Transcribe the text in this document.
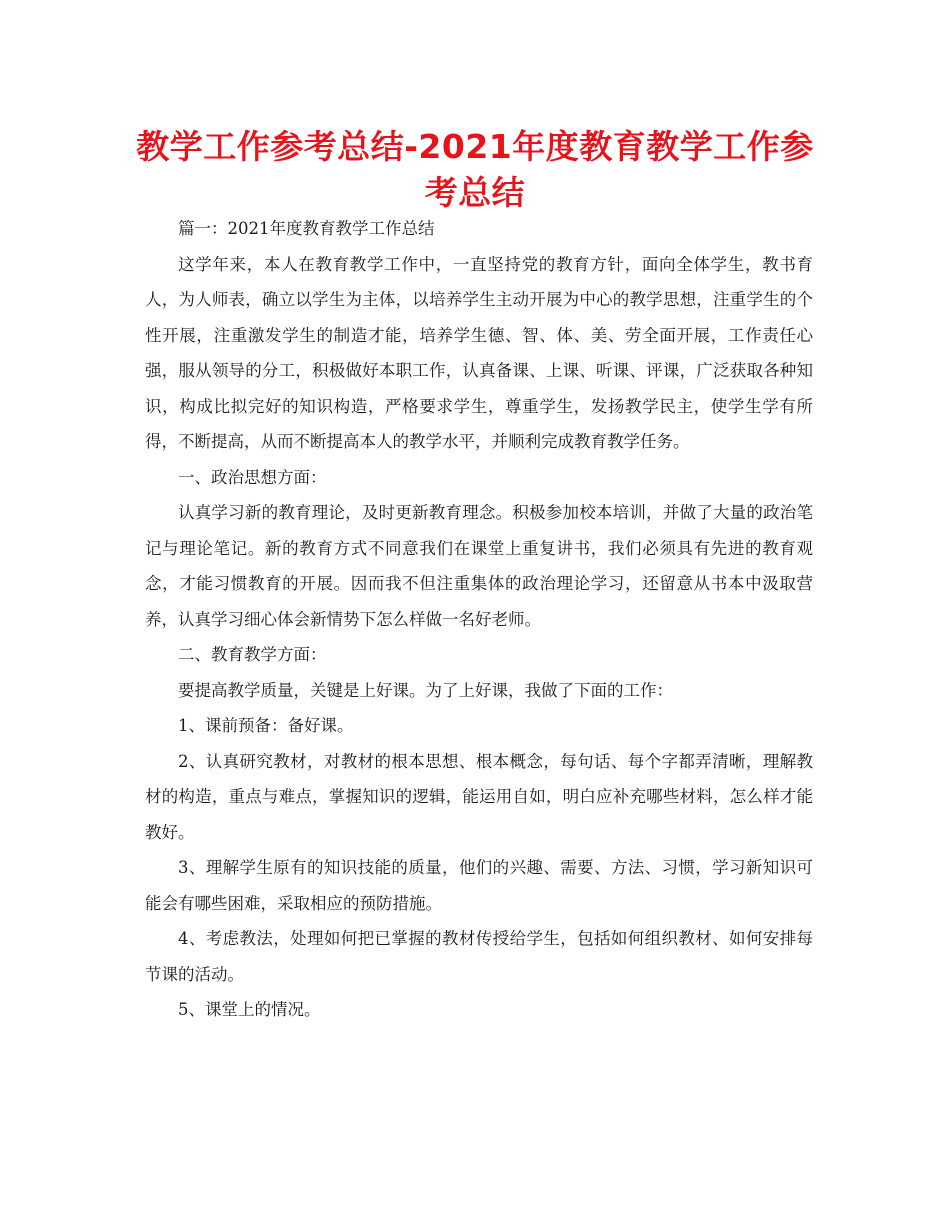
教学工作参考总结-2021年度教育教学工作参考总结

篇一：2021年度教育教学工作总结

这学年来，本人在教育教学工作中，一直坚持党的教育方针，面向全体学生，教书育人，为人师表，确立以学生为主体，以培养学生主动开展为中心的教学思想，注重学生的个性开展，注重激发学生的制造才能，培养学生德、智、体、美、劳全面开展，工作责任心强，服从领导的分工，积极做好本职工作，认真备课、上课、听课、评课，广泛获取各种知识，构成比拟完好的知识构造，严格要求学生，尊重学生，发扬教学民主，使学生学有所得，不断提高，从而不断提高本人的教学水平，并顺利完成教育教学任务。

一、政治思想方面：

认真学习新的教育理论，及时更新教育理念。积极参加校本培训，并做了大量的政治笔记与理论笔记。新的教育方式不同意我们在课堂上重复讲书，我们必须具有先进的教育观念，才能习惯教育的开展。因而我不但注重集体的政治理论学习，还留意从书本中汲取营养，认真学习细心体会新情势下怎么样做一名好老师。

二、教育教学方面：

要提高教学质量，关键是上好课。为了上好课，我做了下面的工作：

1、课前预备：备好课。

2、认真研究教材，对教材的根本思想、根本概念，每句话、每个字都弄清晰，理解教材的构造，重点与难点，掌握知识的逻辑，能运用自如，明白应补充哪些材料，怎么样才能教好。

3、理解学生原有的知识技能的质量，他们的兴趣、需要、方法、习惯，学习新知识可能会有哪些困难，采取相应的预防措施。

4、考虑教法，处理如何把已掌握的教材传授给学生，包括如何组织教材、如何安排每节课的活动。

5、课堂上的情况。
